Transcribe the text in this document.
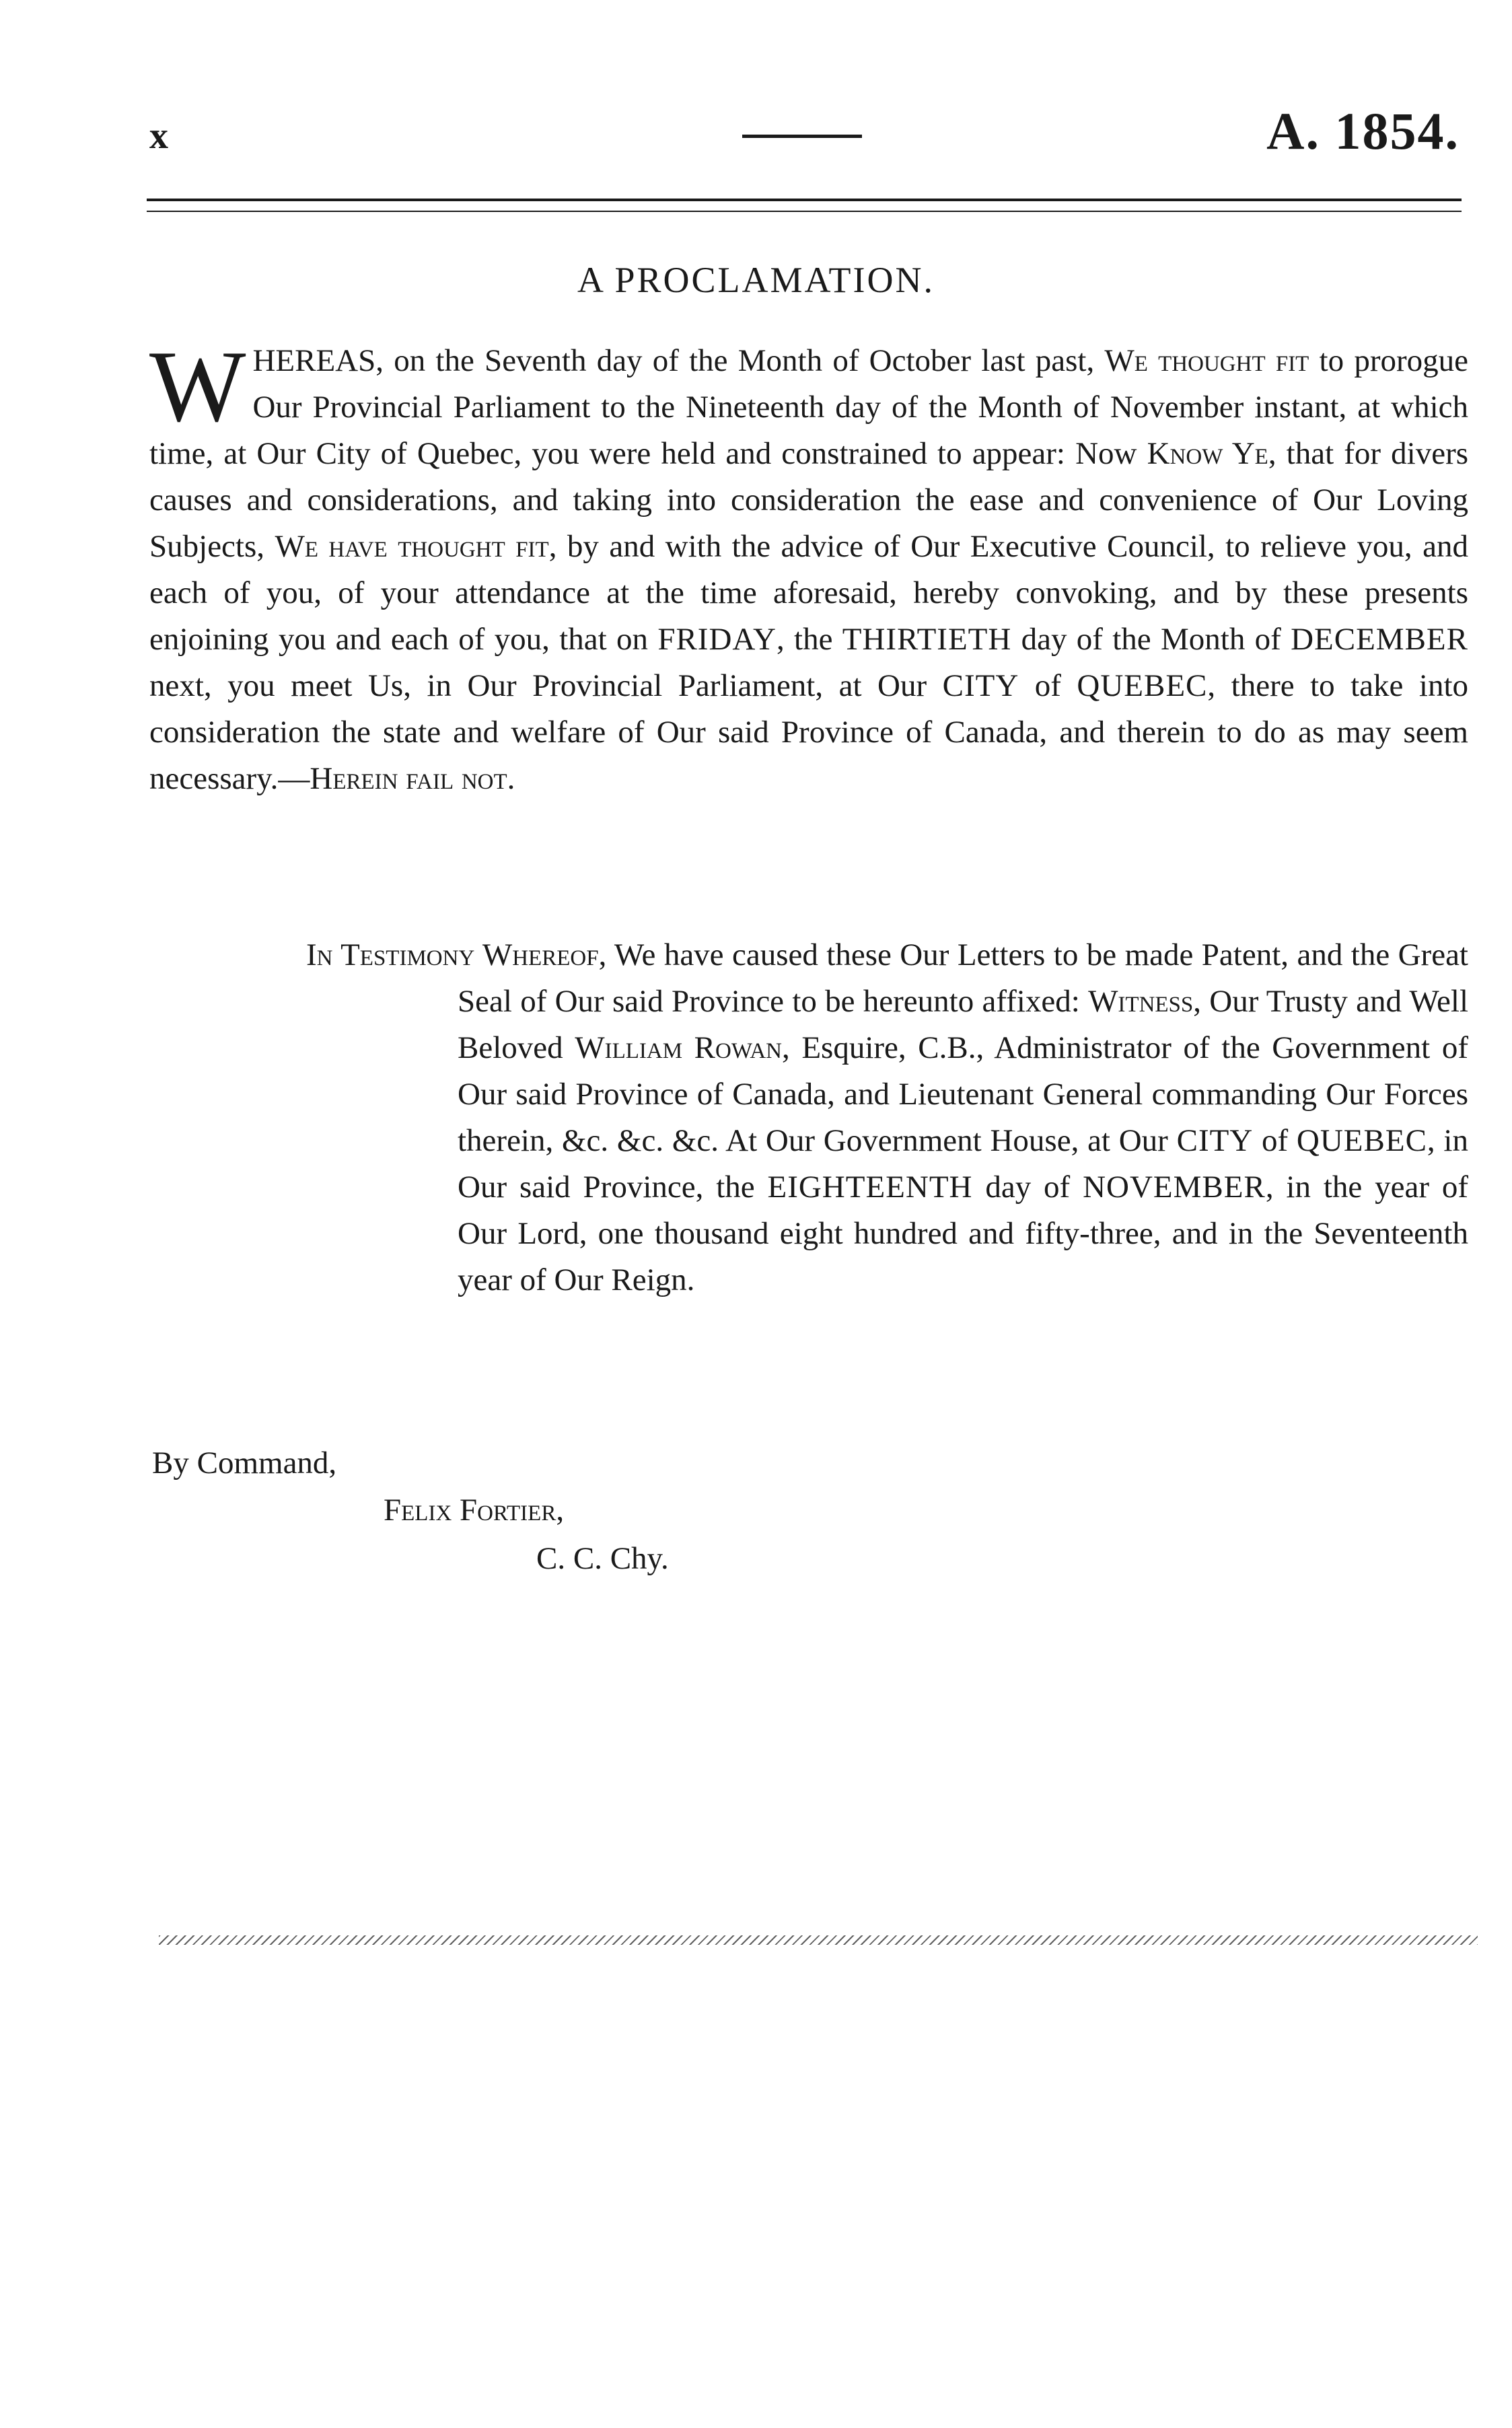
x	A. 1854.
A PROCLAMATION.
WHEREAS, on the Seventh day of the Month of October last past, We thought fit to prorogue Our Provincial Parliament to the Nineteenth day of the Month of November instant, at which time, at Our City of Quebec, you were held and constrained to appear: Now Know Ye, that for divers causes and considerations, and taking into consideration the ease and convenience of Our Loving Subjects, We have thought fit, by and with the advice of Our Executive Council, to relieve you, and each of you, of your attendance at the time aforesaid, hereby convoking, and by these presents enjoining you and each of you, that on FRIDAY, the THIRTIETH day of the Month of DECEMBER next, you meet Us, in Our Provincial Parliament, at Our CITY of QUEBEC, there to take into consideration the state and welfare of Our said Province of Canada, and therein to do as may seem necessary.—Herein fail not.
In Testimony Whereof, We have caused these Our Letters to be made Patent, and the Great Seal of Our said Province to be hereunto affixed: Witness, Our Trusty and Well Beloved William Rowan, Esquire, C.B., Administrator of the Government of Our said Province of Canada, and Lieutenant General commanding Our Forces therein, &c. &c. &c. At Our Government House, at Our CITY of QUEBEC, in Our said Province, the EIGHTEENTH day of NOVEMBER, in the year of Our Lord, one thousand eight hundred and fifty-three, and in the Seventeenth year of Our Reign.
By Command,
Felix Fortier,
C. C. Chy.
